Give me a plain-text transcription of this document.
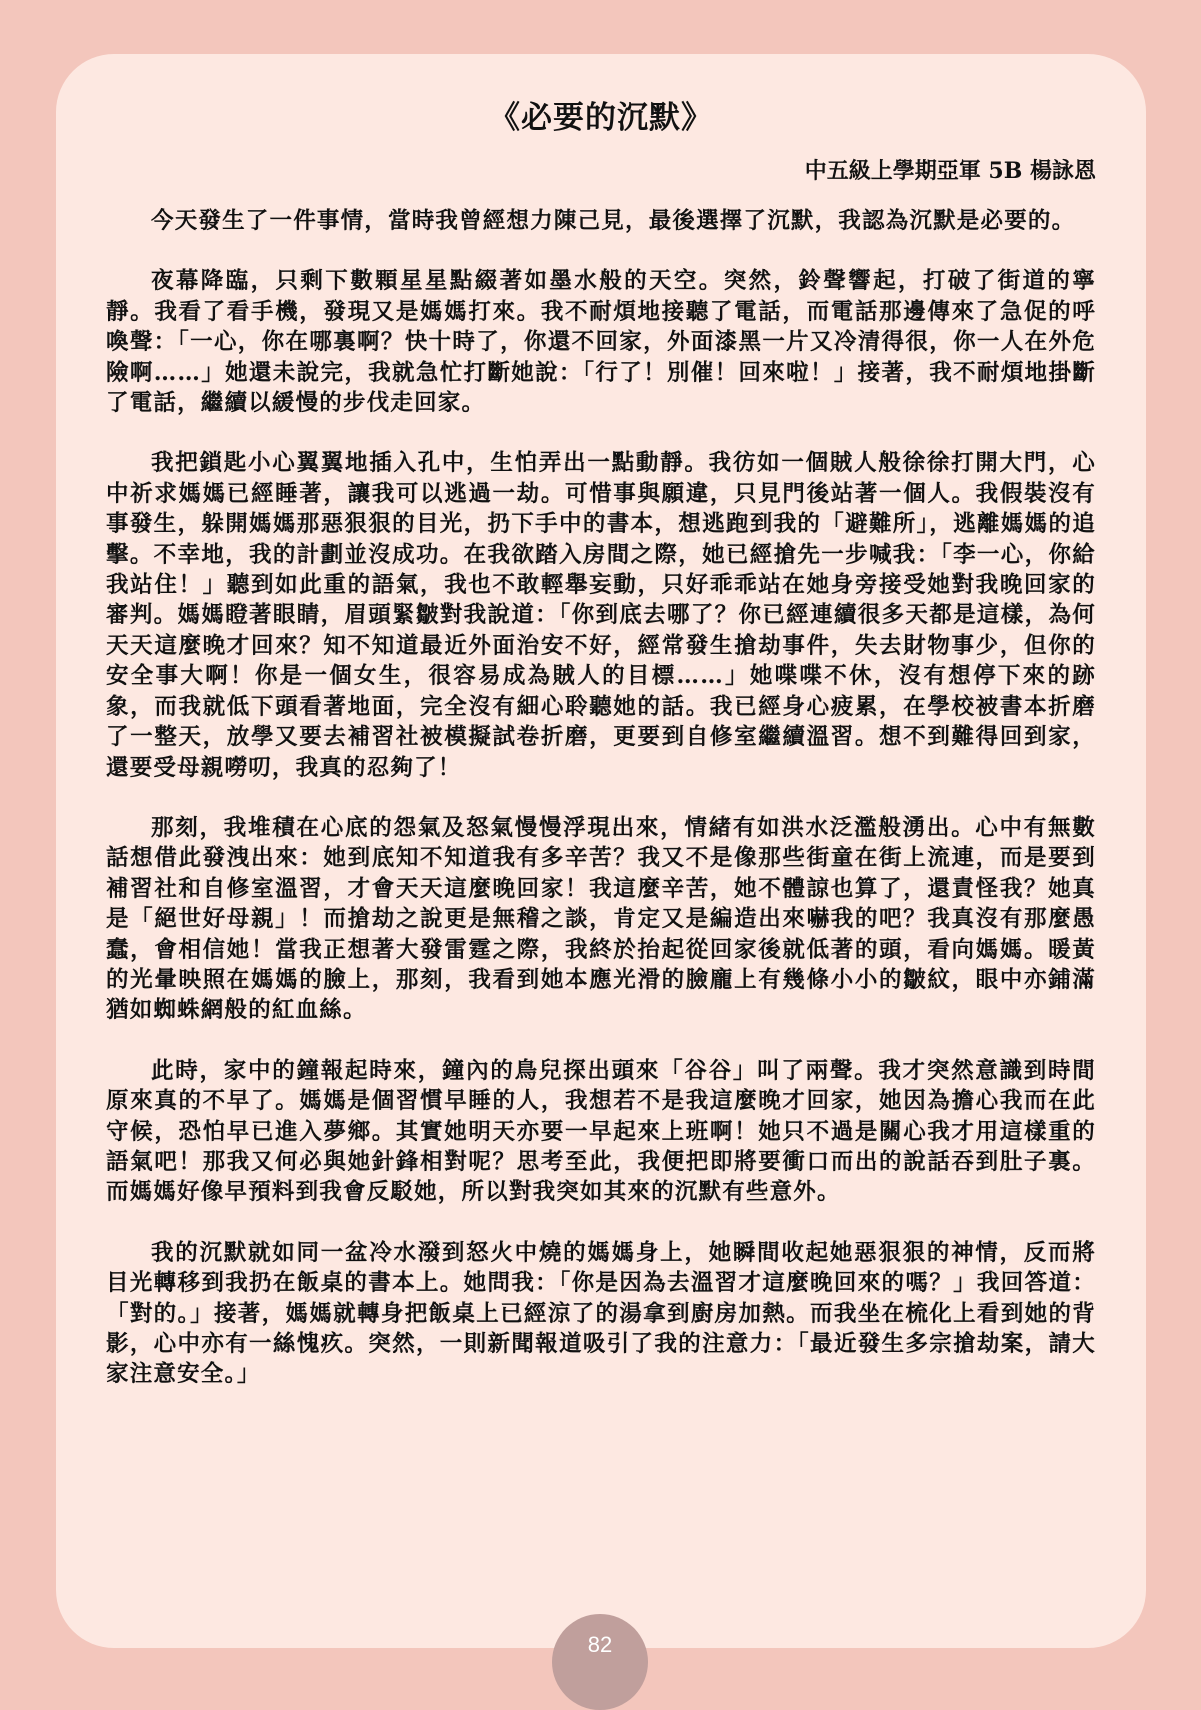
《必要的沉默》
中五級上學期亞軍 5B 楊詠恩

今天發生了一件事情，當時我曾經想力陳己見，最後選擇了沉默，我認為沉默是必要的。

夜幕降臨，只剩下數顆星星點綴著如墨水般的天空。突然，鈴聲響起，打破了街道的寧靜。我看了看手機，發現又是媽媽打來。我不耐煩地接聽了電話，而電話那邊傳來了急促的呼喚聲：「一心，你在哪裏啊？快十時了，你還不回家，外面漆黑一片又冷清得很，你一人在外危險啊……」她還未說完，我就急忙打斷她說：「行了！別催！回來啦！」接著，我不耐煩地掛斷了電話，繼續以緩慢的步伐走回家。

我把鎖匙小心翼翼地插入孔中，生怕弄出一點動靜。我彷如一個賊人般徐徐打開大門，心中祈求媽媽已經睡著，讓我可以逃過一劫。可惜事與願違，只見門後站著一個人。我假裝沒有事發生，躲開媽媽那惡狠狠的目光，扔下手中的書本，想逃跑到我的「避難所」，逃離媽媽的追擊。不幸地，我的計劃並沒成功。在我欲踏入房間之際，她已經搶先一步喊我：「李一心，你給我站住！」聽到如此重的語氣，我也不敢輕舉妄動，只好乖乖站在她身旁接受她對我晚回家的審判。媽媽瞪著眼睛，眉頭緊皺對我說道：「你到底去哪了？你已經連續很多天都是這樣，為何天天這麼晚才回來？知不知道最近外面治安不好，經常發生搶劫事件，失去財物事少，但你的安全事大啊！你是一個女生，很容易成為賊人的目標……」她喋喋不休，沒有想停下來的跡象，而我就低下頭看著地面，完全沒有細心聆聽她的話。我已經身心疲累，在學校被書本折磨了一整天，放學又要去補習社被模擬試卷折磨，更要到自修室繼續溫習。想不到難得回到家，還要受母親嘮叨，我真的忍夠了！

那刻，我堆積在心底的怨氣及怒氣慢慢浮現出來，情緒有如洪水泛濫般湧出。心中有無數話想借此發洩出來：她到底知不知道我有多辛苦？我又不是像那些街童在街上流連，而是要到補習社和自修室溫習，才會天天這麼晚回家！我這麼辛苦，她不體諒也算了，還責怪我？她真是「絕世好母親」！而搶劫之說更是無稽之談，肯定又是編造出來嚇我的吧？我真沒有那麼愚蠢，會相信她！當我正想著大發雷霆之際，我終於抬起從回家後就低著的頭，看向媽媽。暖黃的光暈映照在媽媽的臉上，那刻，我看到她本應光滑的臉龐上有幾條小小的皺紋，眼中亦鋪滿猶如蜘蛛網般的紅血絲。

此時，家中的鐘報起時來，鐘內的鳥兒探出頭來「谷谷」叫了兩聲。我才突然意識到時間原來真的不早了。媽媽是個習慣早睡的人，我想若不是我這麼晚才回家，她因為擔心我而在此守候，恐怕早已進入夢鄉。其實她明天亦要一早起來上班啊！她只不過是關心我才用這樣重的語氣吧！那我又何必與她針鋒相對呢？思考至此，我便把即將要衝口而出的說話吞到肚子裏。而媽媽好像早預料到我會反駁她，所以對我突如其來的沉默有些意外。

我的沉默就如同一盆冷水潑到怒火中燒的媽媽身上，她瞬間收起她惡狠狠的神情，反而將目光轉移到我扔在飯桌的書本上。她問我：「你是因為去溫習才這麼晚回來的嗎？」我回答道：「對的。」接著，媽媽就轉身把飯桌上已經涼了的湯拿到廚房加熱。而我坐在梳化上看到她的背影，心中亦有一絲愧疚。突然，一則新聞報道吸引了我的注意力：「最近發生多宗搶劫案，請大家注意安全。」

82
